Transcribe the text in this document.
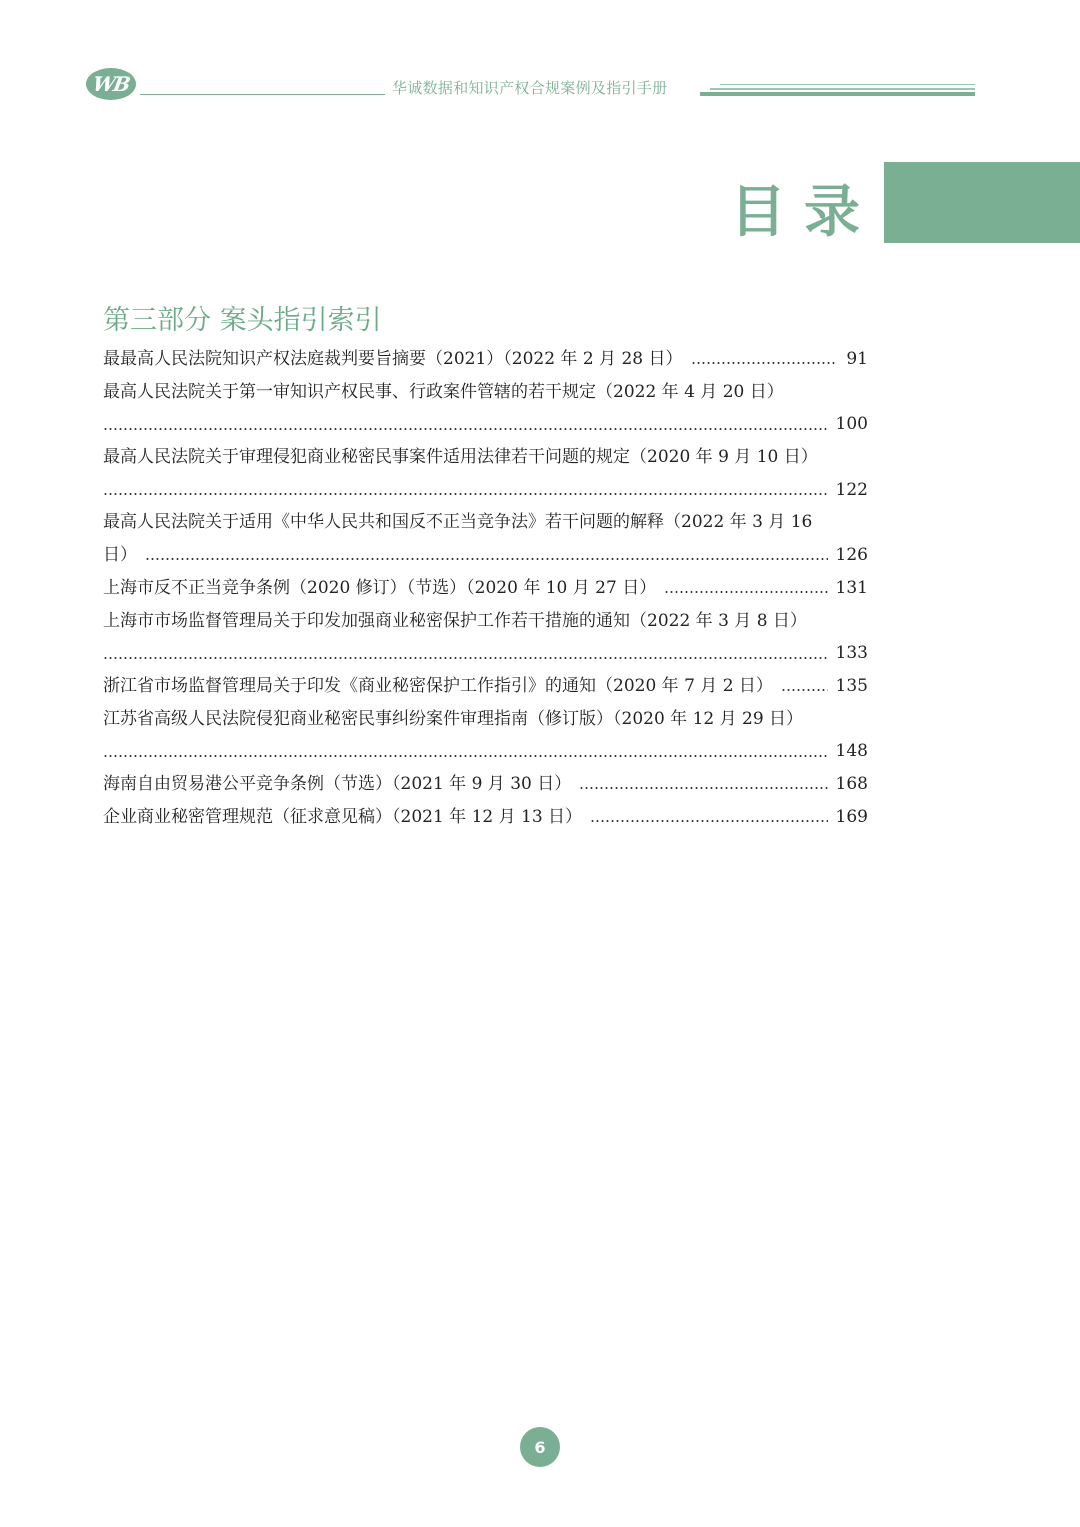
WB	华诚数据和知识产权合规案例及指引手册
目录
第三部分 案头指引索引
最最高人民法院知识产权法庭裁判要旨摘要（2021）（2022 年 2 月 28 日）	91
最高人民法院关于第一审知识产权民事、行政案件管辖的若干规定（2022 年 4 月 20 日）
100
最高人民法院关于审理侵犯商业秘密民事案件适用法律若干问题的规定（2020 年 9 月 10 日）
122
最高人民法院关于适用《中华人民共和国反不正当竞争法》若干问题的解释（2022 年 3 月 16
日）	126
上海市反不正当竞争条例（2020 修订）（节选）（2020 年 10 月 27 日）	131
上海市市场监督管理局关于印发加强商业秘密保护工作若干措施的通知（2022 年 3 月 8 日）
133
浙江省市场监督管理局关于印发《商业秘密保护工作指引》的通知（2020 年 7 月 2 日）	135
江苏省高级人民法院侵犯商业秘密民事纠纷案件审理指南（修订版）（2020 年 12 月 29 日）
148
海南自由贸易港公平竞争条例（节选）（2021 年 9 月 30 日）	168
企业商业秘密管理规范（征求意见稿）（2021 年 12 月 13 日）	169
6
